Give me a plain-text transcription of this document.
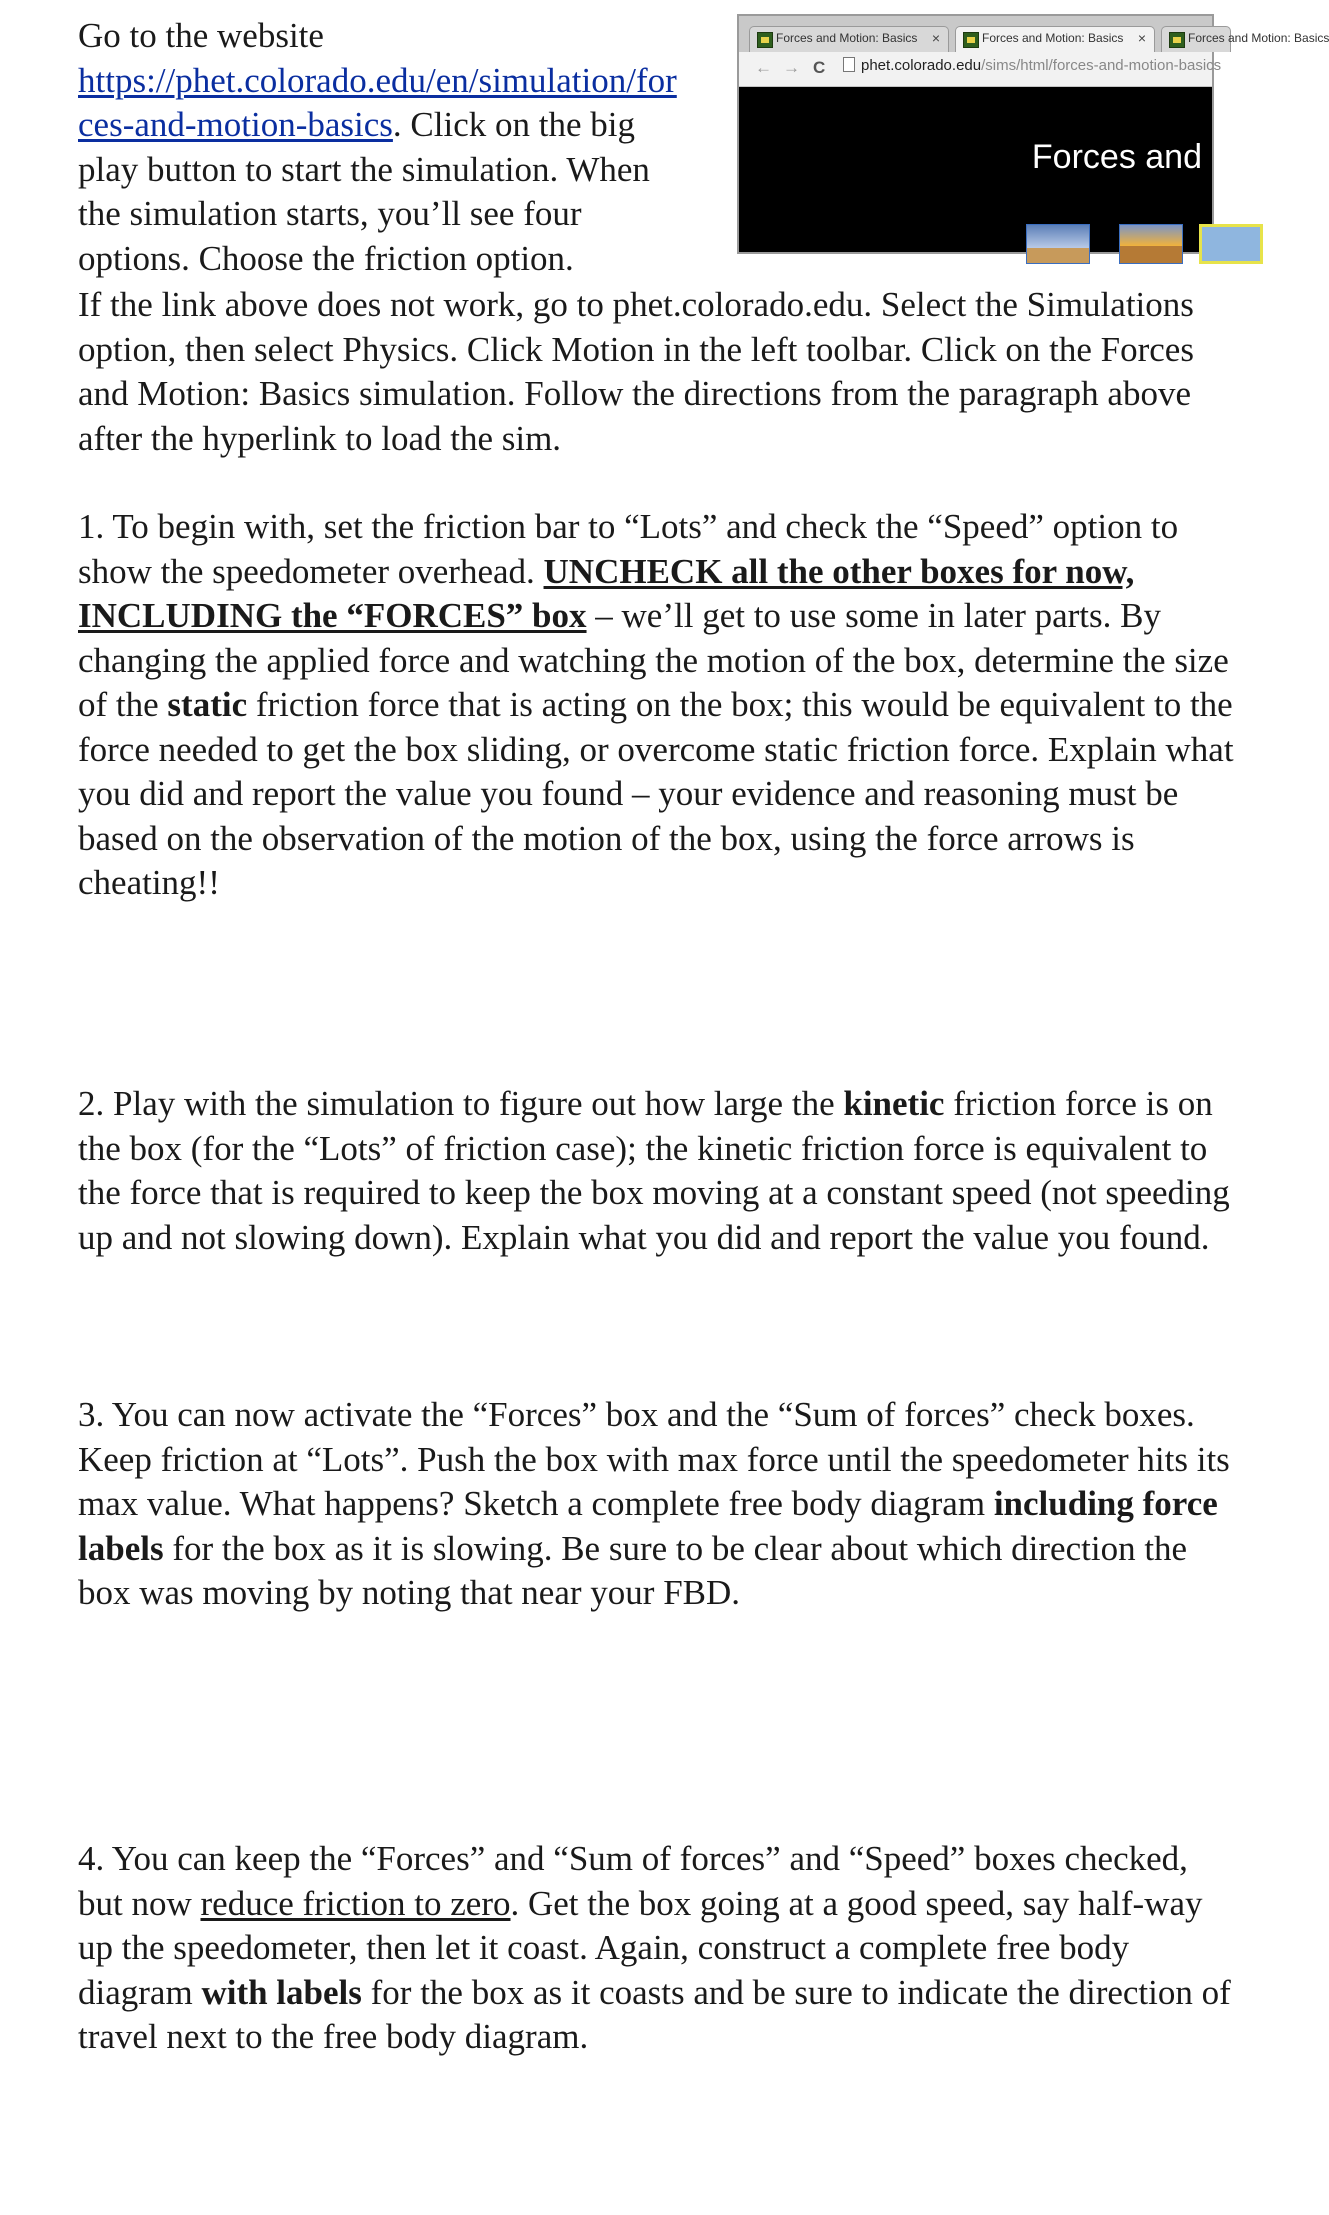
Go to the website
https://phet.colorado.edu/en/simulation/for
ces-and-motion-basics. Click on the big
play button to start the simulation. When
the simulation starts, you’ll see four
options. Choose the friction option.
Forces and Motion: Basics ×	Forces and Motion: Basics ×	Forces and Motion: Basics
← → C	phet.colorado.edu/sims/html/forces-and-motion-basics
Forces and
If the link above does not work, go to phet.colorado.edu. Select the Simulations option, then select Physics. Click Motion in the left toolbar. Click on the Forces and Motion: Basics simulation. Follow the directions from the paragraph above after the hyperlink to load the sim.
1. To begin with, set the friction bar to “Lots” and check the “Speed” option to show the speedometer overhead. UNCHECK all the other boxes for now, INCLUDING the “FORCES” box – we’ll get to use some in later parts. By changing the applied force and watching the motion of the box, determine the size of the static friction force that is acting on the box; this would be equivalent to the force needed to get the box sliding, or overcome static friction force. Explain what you did and report the value you found – your evidence and reasoning must be based on the observation of the motion of the box, using the force arrows is cheating!!
2. Play with the simulation to figure out how large the kinetic friction force is on the box (for the “Lots” of friction case); the kinetic friction force is equivalent to the force that is required to keep the box moving at a constant speed (not speeding up and not slowing down). Explain what you did and report the value you found.
3. You can now activate the “Forces” box and the “Sum of forces” check boxes. Keep friction at “Lots”. Push the box with max force until the speedometer hits its max value. What happens? Sketch a complete free body diagram including force labels for the box as it is slowing. Be sure to be clear about which direction the box was moving by noting that near your FBD.
4. You can keep the “Forces” and “Sum of forces” and “Speed” boxes checked, but now reduce friction to zero. Get the box going at a good speed, say half-way up the speedometer, then let it coast. Again, construct a complete free body diagram with labels for the box as it coasts and be sure to indicate the direction of travel next to the free body diagram.
